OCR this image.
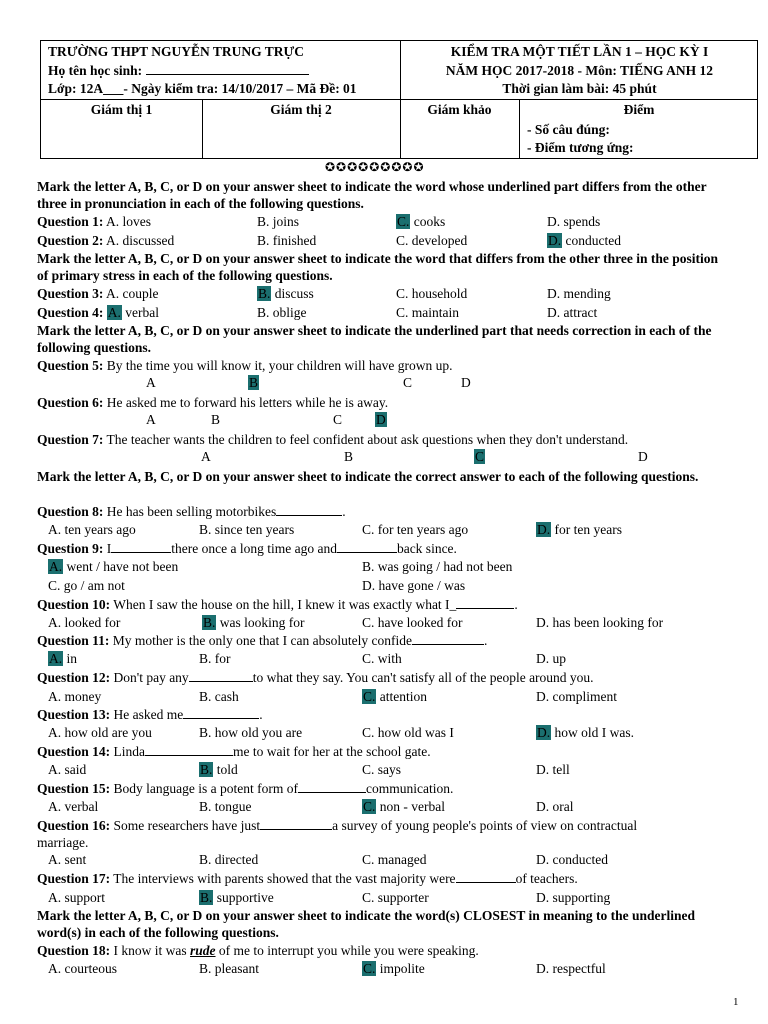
TRƯỜNG THPT NGUYỄN TRUNG TRỰC
Họ tên học sinh:
Lớp: 12A___- Ngày kiểm tra: 14/10/2017 – Mã Đề: 01
KIỂM TRA MỘT TIẾT LẦN 1 – HỌC KỲ I
NĂM HỌC 2017-2018 - Môn: TIẾNG ANH 12
Thời gian làm bài: 45 phút
Giám thị 1	Giám thị 2	Giám khảo	Điểm
- Số câu đúng:
- Điểm tương ứng:
✪✪✪✪✪✪✪✪✪
Mark the letter A, B, C, or D on your answer sheet to indicate the word whose underlined part differs from the other three in pronunciation in each of the following questions.
Question 1: A. loves	B. joins	C. cooks	D. spends
Question 2: A. discussed	B. finished	C. developed	D. conducted
Mark the letter A, B, C, or D on your answer sheet to indicate the word that differs from the other three in the position of primary stress in each of the following questions.
Question 3: A. couple	B. discuss	C. household	D. mending
Question 4: A. verbal	B. oblige	C. maintain	D. attract
Mark the letter A, B, C, or D on your answer sheet to indicate the underlined part that needs correction in each of the following questions.
Question 5: By the time you will know it, your children will have grown up.
A	B	C	D
Question 6: He asked me to forward his letters while he is away.
A	B	C	D
Question 7: The teacher wants the children to feel confident about ask questions when they don't understand.
A	B	C	D
Mark the letter A, B, C, or D on your answer sheet to indicate the correct answer to each of the following questions.
Question 8: He has been selling motorbikes	.
A. ten years ago	B. since ten years	C. for ten years ago	D. for ten years
Question 9: I	there once a long time ago and	back since.
A. went / have not been	B. was going / had not been
C. go / am not	D. have gone / was
Question 10: When I saw the house on the hill, I knew it was exactly what I_	.
A. looked for	B. was looking for	C. have looked for	D. has been looking for
Question 11: My mother is the only one that I can absolutely confide	.
A. in	B. for	C. with	D. up
Question 12: Don't pay any	to what they say. You can't satisfy all of the people around you.
A. money	B. cash	C. attention	D. compliment
Question 13: He asked me	.
A. how old are you	B. how old you are	C. how old was I	D. how old I was.
Question 14: Linda	me to wait for her at the school gate.
A. said	B. told	C. says	D. tell
Question 15: Body language is a potent form of	communication.
A. verbal	B. tongue	C. non - verbal	D. oral
Question 16: Some researchers have just	a survey of young people's points of view on contractual
marriage.
A. sent	B. directed	C. managed	D. conducted
Question 17: The interviews with parents showed that the vast majority were	of teachers.
A. support	B. supportive	C. supporter	D. supporting
Mark the letter A, B, C, or D on your answer sheet to indicate the word(s) CLOSEST in meaning to the underlined word(s) in each of the following questions.
Question 18: I know it was rude of me to interrupt you while you were speaking.
A. courteous	B. pleasant	C. impolite	D. respectful
1
